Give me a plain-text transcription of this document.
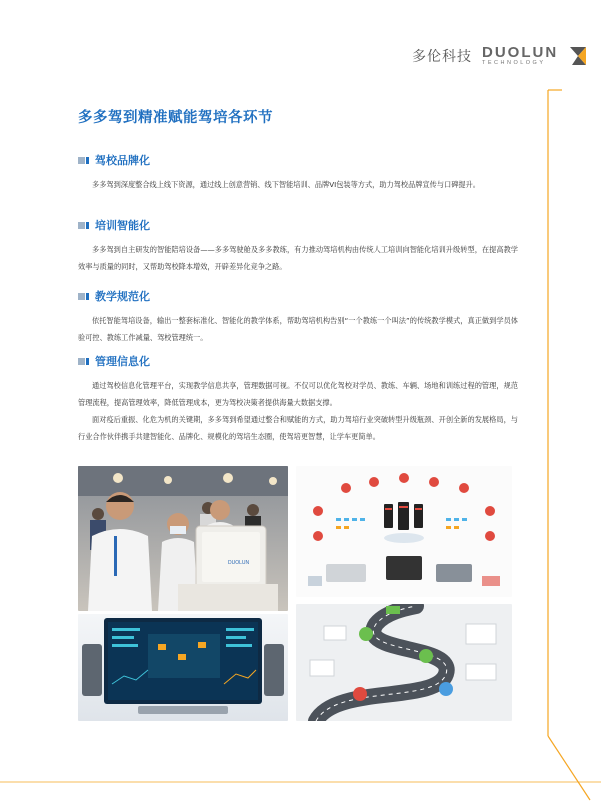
多伦科技 DUOLUN
TECHNOLOGY
多多驾到精准赋能驾培各环节
驾校品牌化

多多驾到深度整合线上线下资源，通过线上创意营销、线下智能培训、品牌VI包装等方式，助力驾校品牌宣传与口碑提升。

培训智能化

多多驾到自主研发的智能陪培设备——多多驾驶舱及多多教练，有力推动驾培机构由传统人工培训向智能化培训升级转型，在提高教学效率与质量的同时，又帮助驾校降本增效，开辟差异化竞争之路。

教学规范化

依托智能驾培设备，输出一整套标准化、智能化的教学体系，帮助驾培机构告别“一个教练一个叫法”的传统教学模式，真正做到学员体验可控、教练工作减量、驾校管理统一。

管理信息化

通过驾校信息化管理平台，实现教学信息共享，管理数据可视。不仅可以优化驾校对学员、教练、车辆、场地和训练过程的管理，规范管理流程，提高管理效率，降低管理成本，更为驾校决策者提供海量大数据支撑。

面对疫后重振、化危为机的关键期，多多驾到希望通过整合和赋能的方式，助力驾培行业突破转型升级瓶颈、开创全新的发展格局，与行业合作伙伴携手共建智能化、品牌化、规模化的驾培生态圈，使驾培更智慧，让学车更简单。

DUOLUN
